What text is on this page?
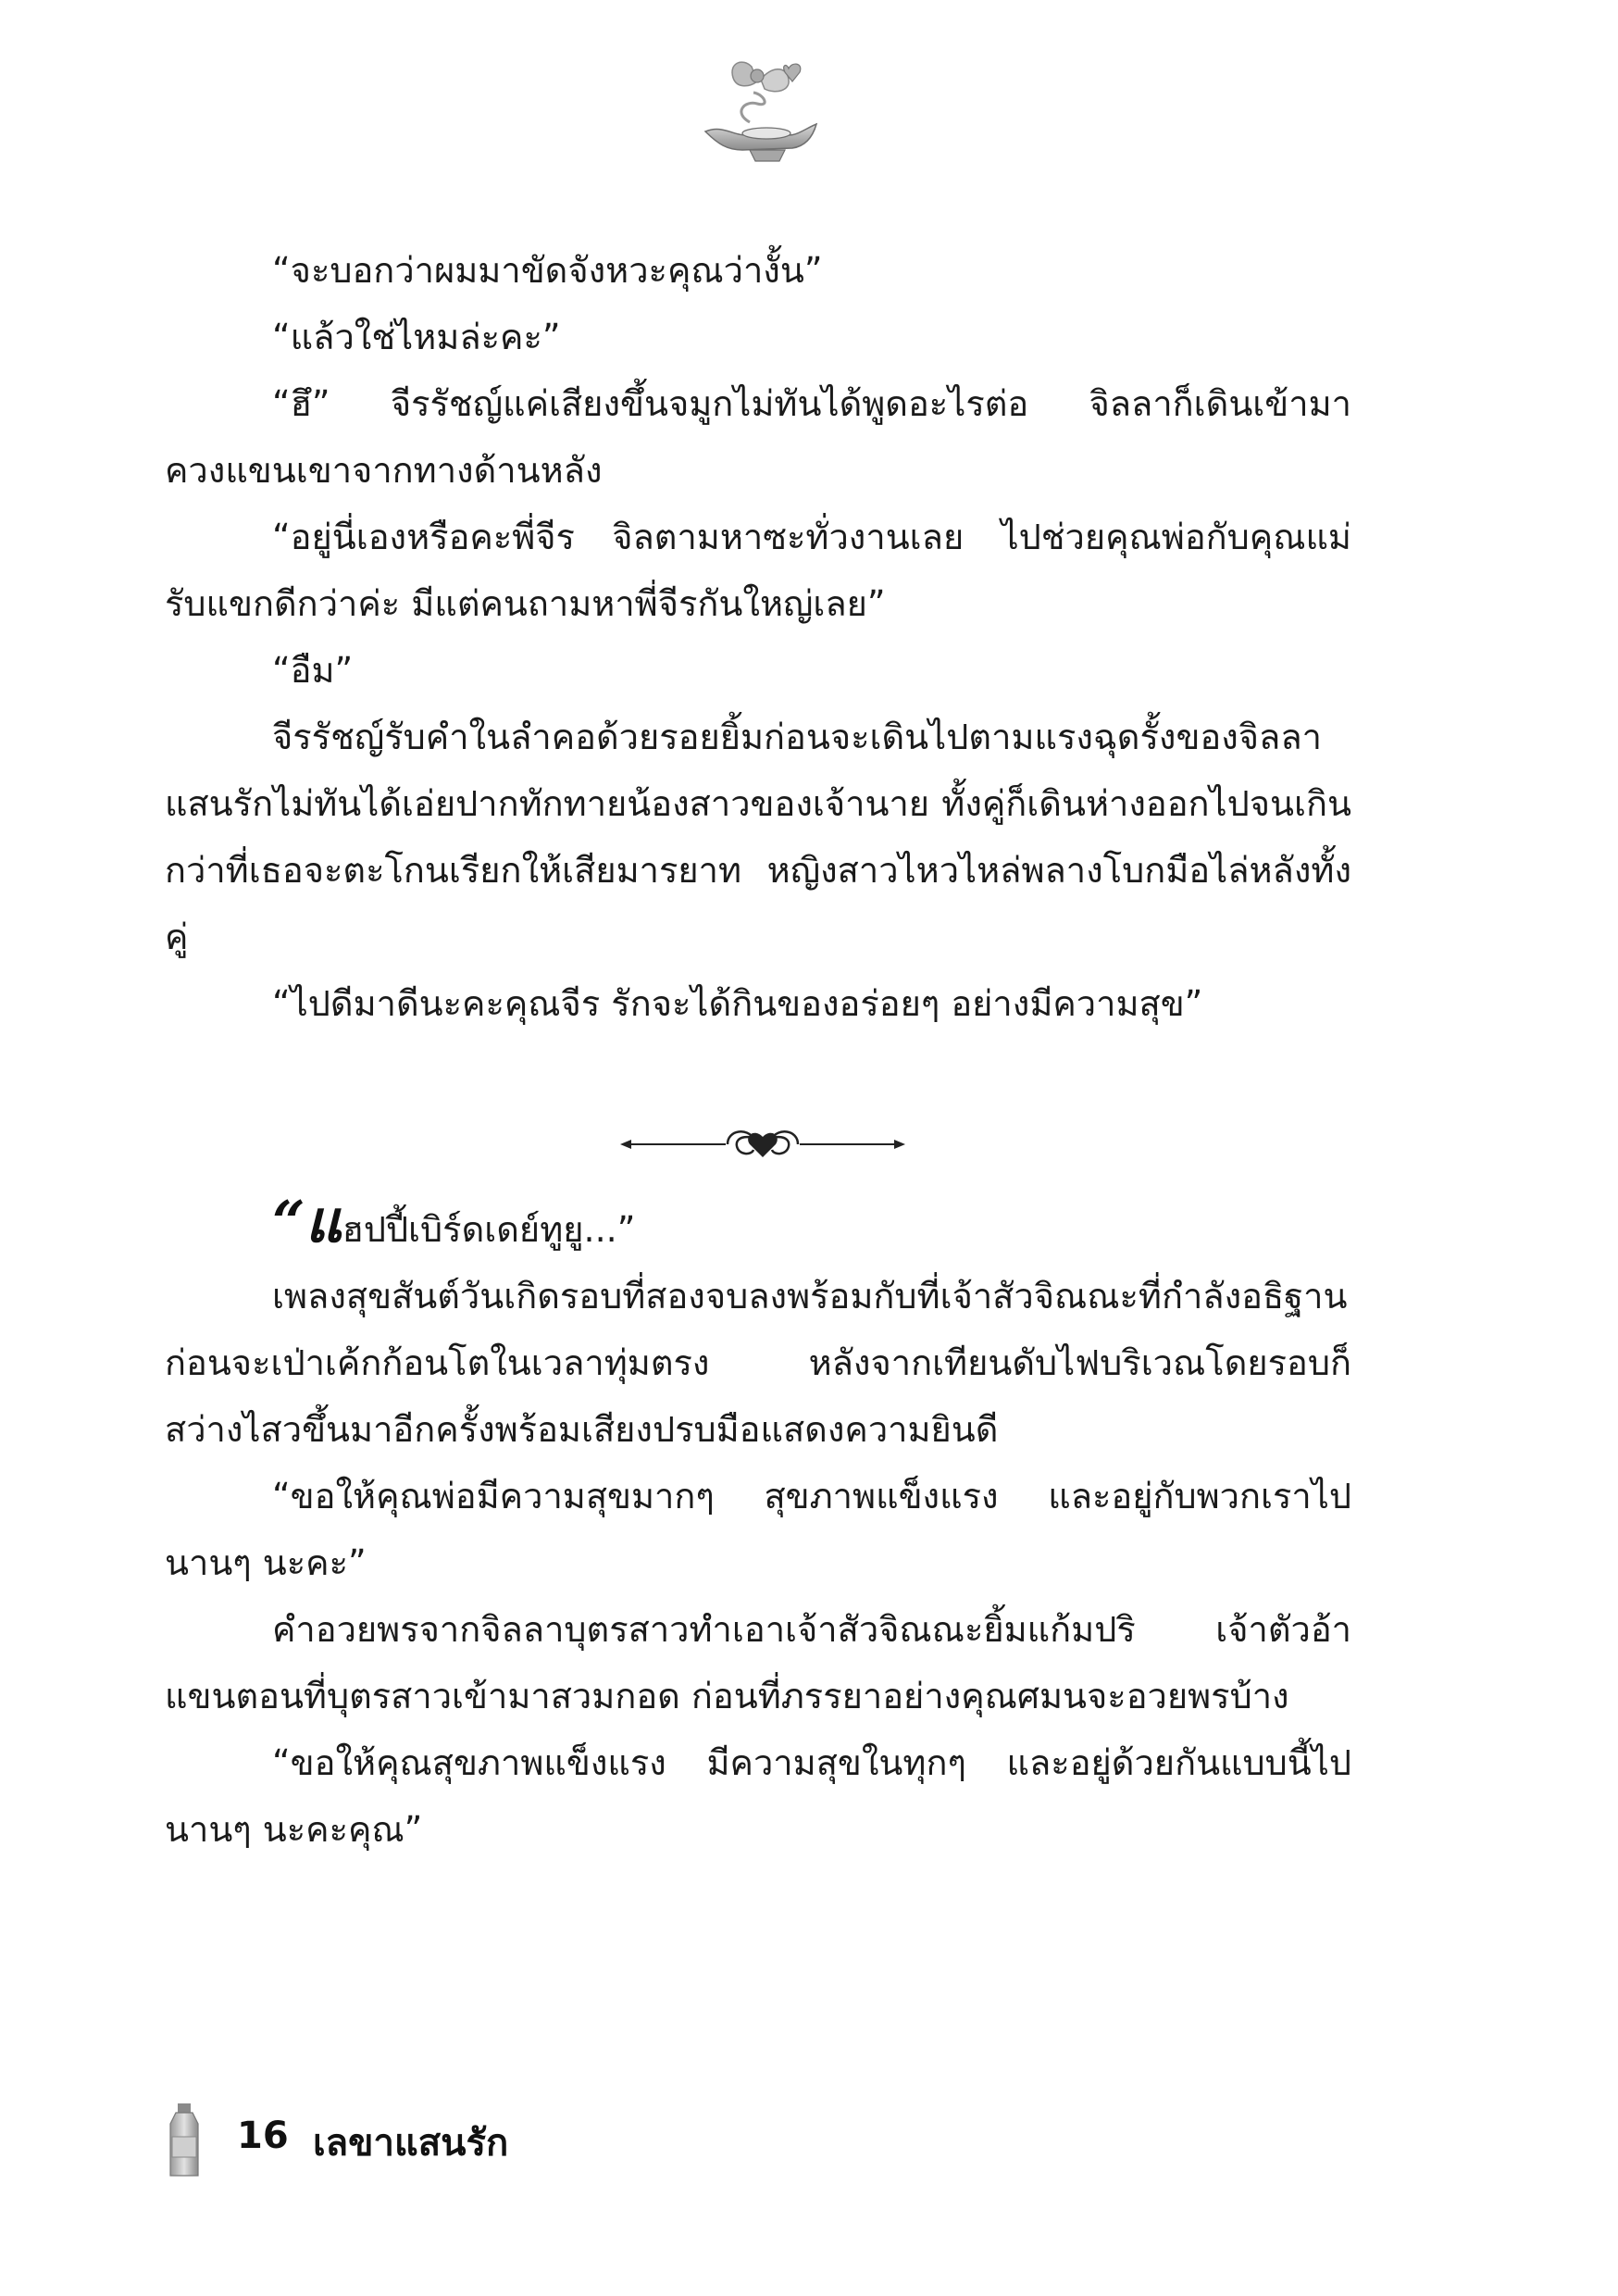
“จะบอกว่าผมมาขัดจังหวะคุณว่างั้น”

“แล้วใช่ไหมล่ะคะ”

“ฮึ” จีรรัชญ์แค่เสียงขึ้นจมูกไม่ทันได้พูดอะไรต่อ จิลลาก็เดินเข้ามาควงแขนเขาจากทางด้านหลัง

“อยู่นี่เองหรือคะพี่จีร จิลตามหาซะทั่วงานเลย ไปช่วยคุณพ่อกับคุณแม่รับแขกดีกว่าค่ะ มีแต่คนถามหาพี่จีรกันใหญ่เลย”

“อืม”

จีรรัชญ์รับคำในลำคอด้วยรอยยิ้มก่อนจะเดินไปตามแรงฉุดรั้งของจิลลา แสนรักไม่ทันได้เอ่ยปากทักทายน้องสาวของเจ้านาย ทั้งคู่ก็เดินห่างออกไปจนเกินกว่าที่เธอจะตะโกนเรียกให้เสียมารยาท หญิงสาวไหวไหล่พลางโบกมือไล่หลังทั้งคู่

“ไปดีมาดีนะคะคุณจีร รักจะได้กินของอร่อยๆ อย่างมีความสุข”

“แฮปปี้เบิร์ดเดย์ทูยู...”

เพลงสุขสันต์วันเกิดรอบที่สองจบลงพร้อมกับที่เจ้าสัวจิณณะที่กำลังอธิฐานก่อนจะเป่าเค้กก้อนโตในเวลาทุ่มตรง หลังจากเทียนดับไฟบริเวณโดยรอบก็สว่างไสวขึ้นมาอีกครั้งพร้อมเสียงปรบมือแสดงความยินดี

“ขอให้คุณพ่อมีความสุขมากๆ สุขภาพแข็งแรง และอยู่กับพวกเราไปนานๆ นะคะ”

คำอวยพรจากจิลลาบุตรสาวทำเอาเจ้าสัวจิณณะยิ้มแก้มปริ เจ้าตัวอ้าแขนตอนที่บุตรสาวเข้ามาสวมกอด ก่อนที่ภรรยาอย่างคุณศมนจะอวยพรบ้าง

“ขอให้คุณสุขภาพแข็งแรง มีความสุขในทุกๆ และอยู่ด้วยกันแบบนี้ไปนานๆ นะคะคุณ”

16 เลขาแสนรัก
